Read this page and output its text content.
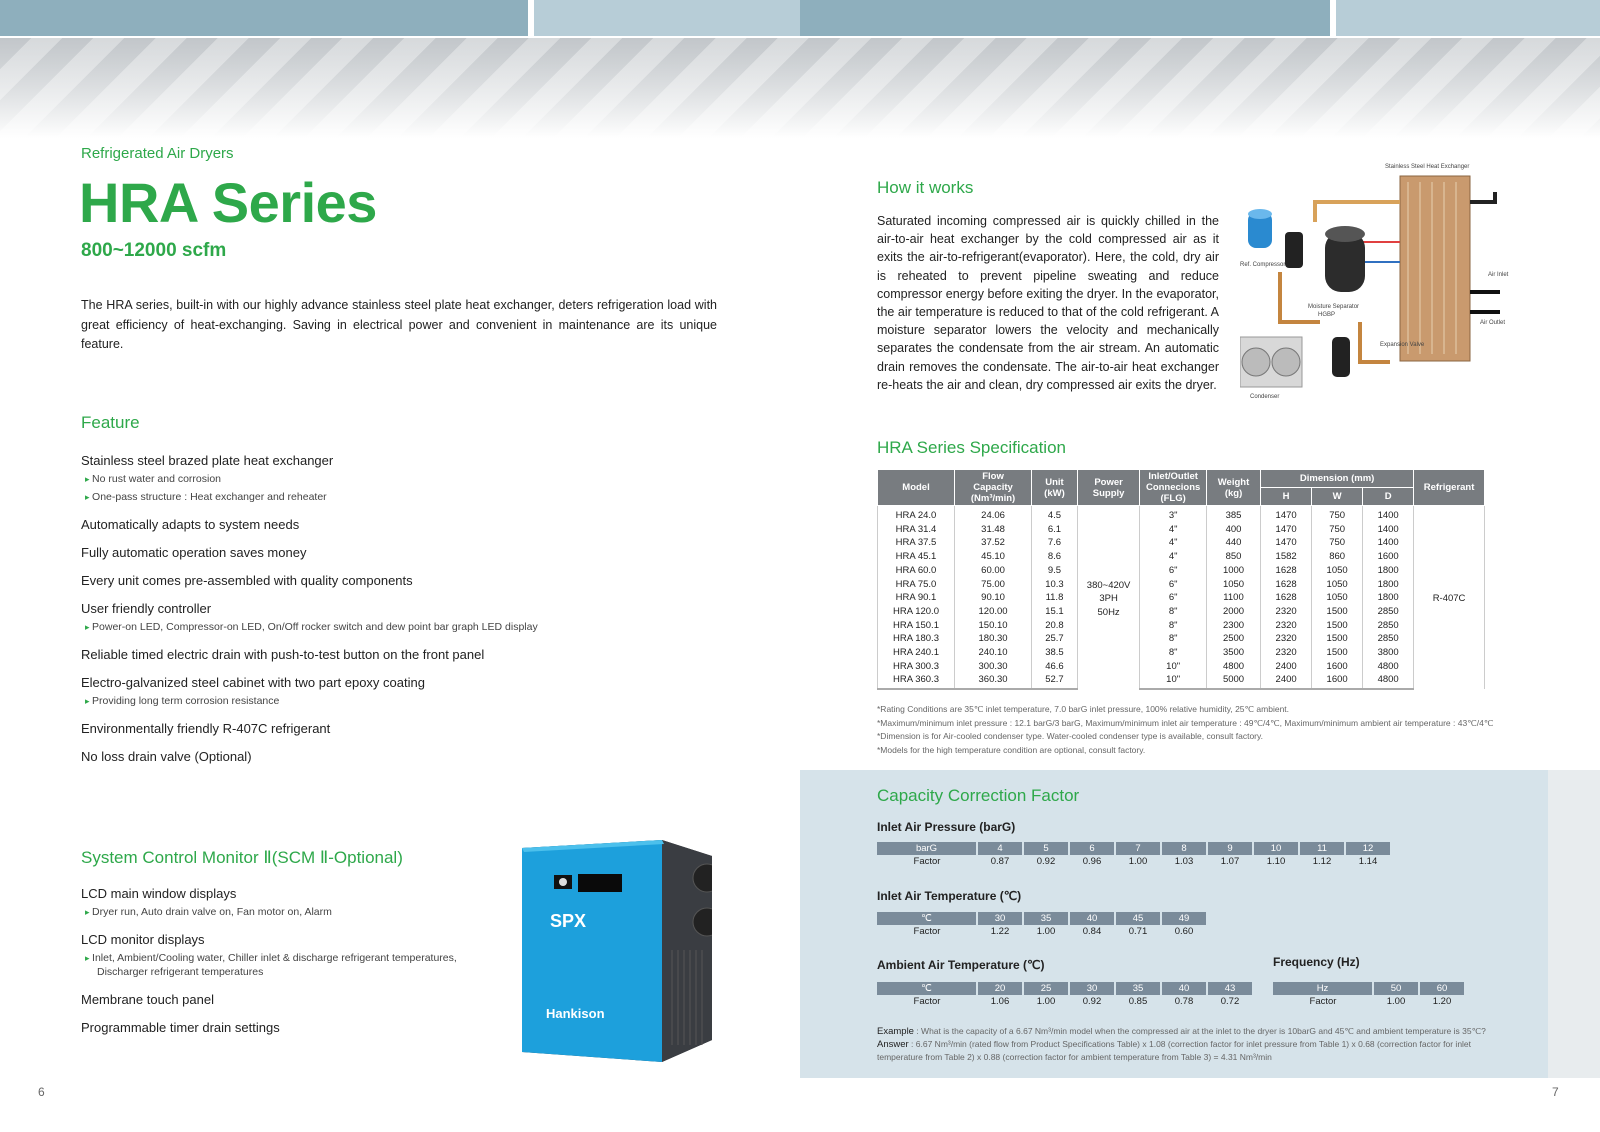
Refrigerated Air Dryers
HRA Series
800~12000 scfm
The HRA series, built-in with our highly advance stainless steel plate heat exchanger, deters refrigeration load with great efficiency of heat-exchanging. Saving in electrical power and convenient in maintenance are its unique feature.
Feature
Stainless steel brazed plate heat exchanger
▸ No rust water and corrosion
▸ One-pass structure : Heat exchanger and reheater
Automatically adapts to system needs
Fully automatic operation saves money
Every unit comes pre-assembled with quality components
User friendly controller
▸ Power-on LED, Compressor-on LED, On/Off rocker switch and dew point bar graph LED display
Reliable timed electric drain with push-to-test button on the front panel
Electro-galvanized steel cabinet with two part epoxy coating
▸ Providing long term corrosion resistance
Environmentally friendly R-407C refrigerant
No loss drain valve (Optional)
System Control Monitor Ⅱ(SCM Ⅱ-Optional)
LCD main window displays
▸ Dryer run, Auto drain valve on, Fan motor on, Alarm
LCD monitor displays
▸ Inlet, Ambient/Cooling water, Chiller inlet & discharge refrigerant temperatures,
Discharger refrigerant temperatures
Membrane touch panel
Programmable timer drain settings
SPX
Hankison
6
How it works
Saturated incoming compressed air is quickly chilled in the air-to-air heat exchanger by the cold compressed air as it exits the air-to-refrigerant(evaporator). Here, the cold, dry air is reheated to prevent pipeline sweating and reduce compressor energy before exiting the dryer. In the evaporator, the air temperature is reduced to that of the cold refrigerant. A moisture separator lowers the velocity and mechanically separates the condensate from the air stream. An automatic drain removes the condensate. The air-to-air heat exchanger re-heats the air and clean, dry compressed air exits the dryer.
Stainless Steel Heat Exchanger
Ref. Compressor
Air Inlet
Air Outlet
Moisture Separator
HGBP
Expansion Valve
Condenser
HRA Series Specification
Model	Flow
Capacity
(Nm³/min)	Unit
(kW)	Power
Supply	Inlet/Outlet
Connecions
(FLG)	Weight
(kg)	Dimension (mm)			Refrigerant
						H	W	D	
HRA 24.0	24.06	4.5	380~420V
3PH
50Hz	3"	385	1470	750	1400	R-407C
HRA 31.4	31.48	6.1		4"	400	1470	750	1400	
HRA 37.5	37.52	7.6		4"	440	1470	750	1400	
HRA 45.1	45.10	8.6		4"	850	1582	860	1600	
HRA 60.0	60.00	9.5		6"	1000	1628	1050	1800	
HRA 75.0	75.00	10.3		6"	1050	1628	1050	1800	
HRA 90.1	90.10	11.8		6"	1100	1628	1050	1800	
HRA 120.0	120.00	15.1		8"	2000	2320	1500	2850	
HRA 150.1	150.10	20.8		8"	2300	2320	1500	2850	
HRA 180.3	180.30	25.7		8"	2500	2320	1500	2850	
HRA 240.1	240.10	38.5		8"	3500	2320	1500	3800	
HRA 300.3	300.30	46.6		10"	4800	2400	1600	4800	
HRA 360.3	360.30	52.7		10"	5000	2400	1600	4800	
*Rating Conditions are 35℃ inlet temperature, 7.0 barG inlet pressure, 100% relative humidity, 25℃ ambient.
*Maximum/minimum inlet pressure : 12.1 barG/3 barG, Maximum/minimum inlet air temperature : 49℃/4℃, Maximum/minimum ambient air temperature : 43℃/4℃
*Dimension is for Air-cooled condenser type. Water-cooled condenser type is available, consult factory.
*Models for the high temperature condition are optional, consult factory.
Capacity Correction Factor
Inlet Air Pressure (barG)
barG	4	5	6	7	8	9	10	11	12
Factor	0.87	0.92	0.96	1.00	1.03	1.07	1.10	1.12	1.14
Inlet Air Temperature (℃)
℃	30	35	40	45	49
Factor	1.22	1.00	0.84	0.71	0.60
Ambient Air Temperature (℃)
℃	20	25	30	35	40	43
Factor	1.06	1.00	0.92	0.85	0.78	0.72
Frequency (Hz)
Hz	50	60
Factor	1.00	1.20
Example : What is the capacity of a 6.67 Nm³/min model when the compressed air at the inlet to the dryer is 10barG and 45℃ and ambient temperature is 35℃?
Answer : 6.67 Nm³/min (rated flow from Product Specifications Table) x 1.08 (correction factor for inlet pressure from Table 1) x 0.68 (correction factor for inlet temperature from Table 2) x 0.88 (correction factor for ambient temperature from Table 3) = 4.31 Nm³/min
7
